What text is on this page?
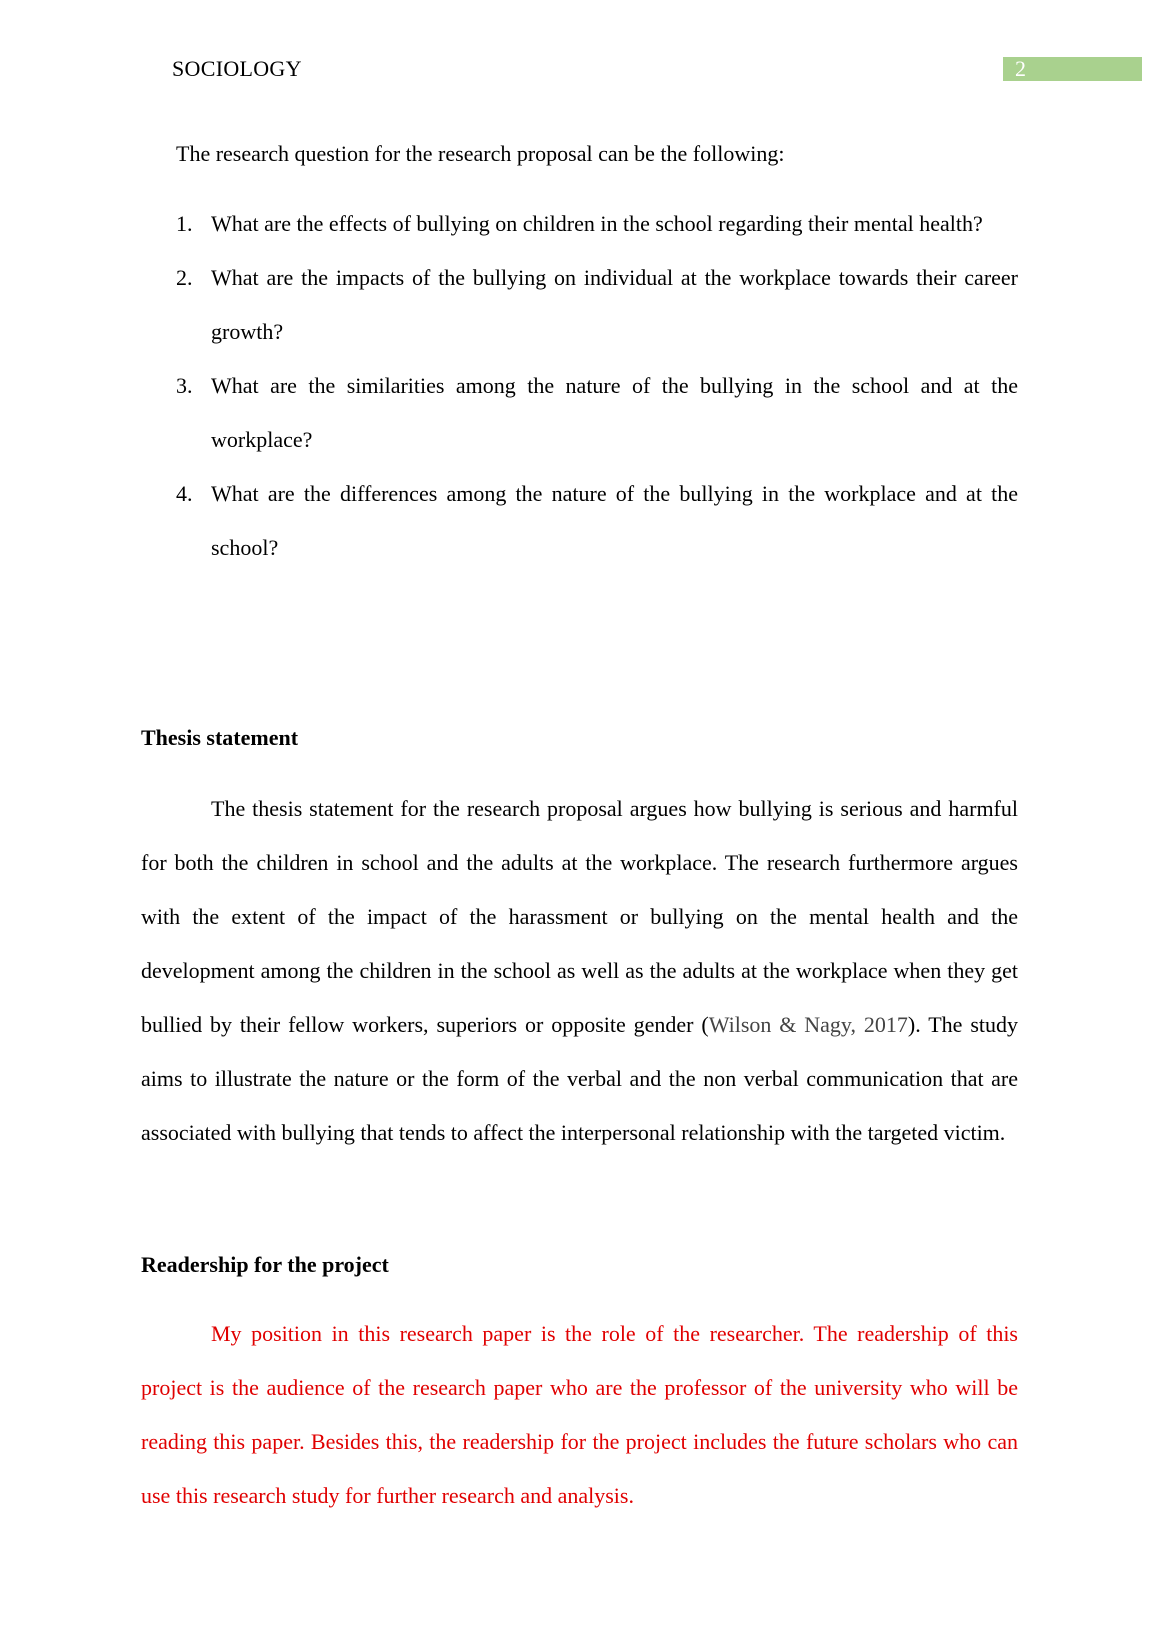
SOCIOLOGY	2

The research question for the research proposal can be the following:

1. What are the effects of bullying on children in the school regarding their mental health?
2. What are the impacts of the bullying on individual at the workplace towards their career growth?
3. What are the similarities among the nature of the bullying in the school and at the workplace?
4. What are the differences among the nature of the bullying in the workplace and at the school?
Thesis statement

The thesis statement for the research proposal argues how bullying is serious and harmful for both the children in school and the adults at the workplace. The research furthermore argues with the extent of the impact of the harassment or bullying on the mental health and the development among the children in the school as well as the adults at the workplace when they get bullied by their fellow workers, superiors or opposite gender (Wilson & Nagy, 2017). The study aims to illustrate the nature or the form of the verbal and the non verbal communication that are associated with bullying that tends to affect the interpersonal relationship with the targeted victim.

Readership for the project

My position in this research paper is the role of the researcher. The readership of this project is the audience of the research paper who are the professor of the university who will be reading this paper. Besides this, the readership for the project includes the future scholars who can use this research study for further research and analysis.
